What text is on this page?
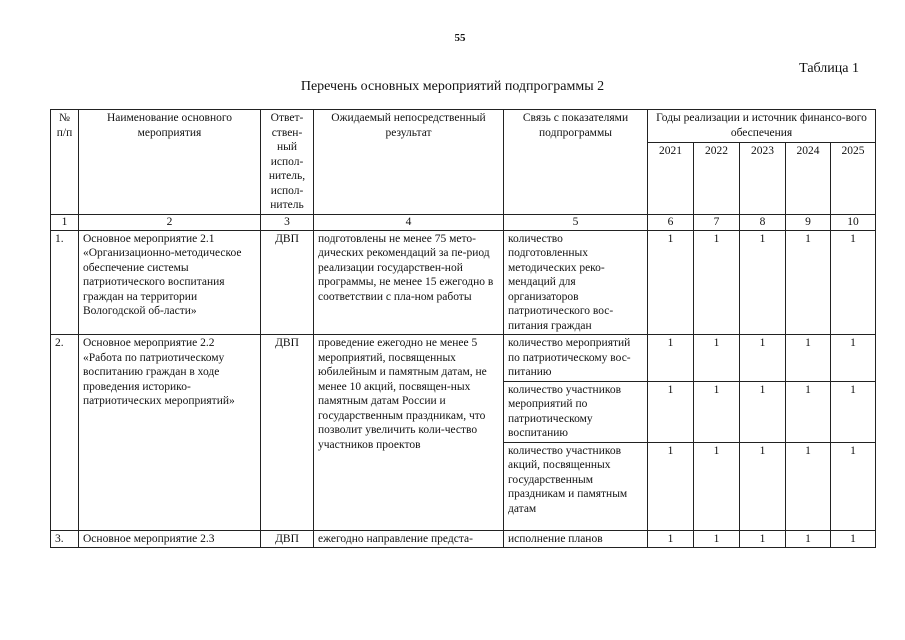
55
Таблица 1
Перечень основных мероприятий подпрограммы 2
№ п/п	Наименование основного мероприятия	Ответ-ствен-ный испол-нитель, испол-нитель	Ожидаемый непосредственный результат	Связь с показателями подпрограммы	Годы реализации и источник финансо-вого обеспечения				
					2021	2022	2023	2024	2025
1	2	3	4	5	6	7	8	9	10
1.	Основное мероприятие 2.1 «Организационно-методическое обеспечение системы патриотического воспитания граждан на территории Вологодской об-ласти»	ДВП	подготовлены не менее 75 мето-дических рекомендаций за пе-риод реализации государствен-ной программы, не менее 15 ежегодно в соответствии с пла-ном работы	количество подготовленных методических реко-мендаций для организаторов патриотического вос-питания граждан	1	1	1	1	1
2.	Основное мероприятие 2.2 «Работа по патриотическому воспитанию граждан в ходе проведения историко-патриотических мероприятий»	ДВП	проведение ежегодно не менее 5 мероприятий, посвященных юбилейным и памятным датам, не менее 10 акций, посвящен-ных памятным датам России и государственным праздникам, что позволит увеличить коли-чество участников проектов	количество мероприятий по патриотическому вос-питанию	1	1	1	1	1
				количество участников мероприятий по патриотическому воспитанию	1	1	1	1	1
				количество участников акций, посвященных государственным праздникам и памятным датам	1	1	1	1	1
3.	Основное мероприятие 2.3	ДВП	ежегодно направление предста-	исполнение планов	1	1	1	1	1
